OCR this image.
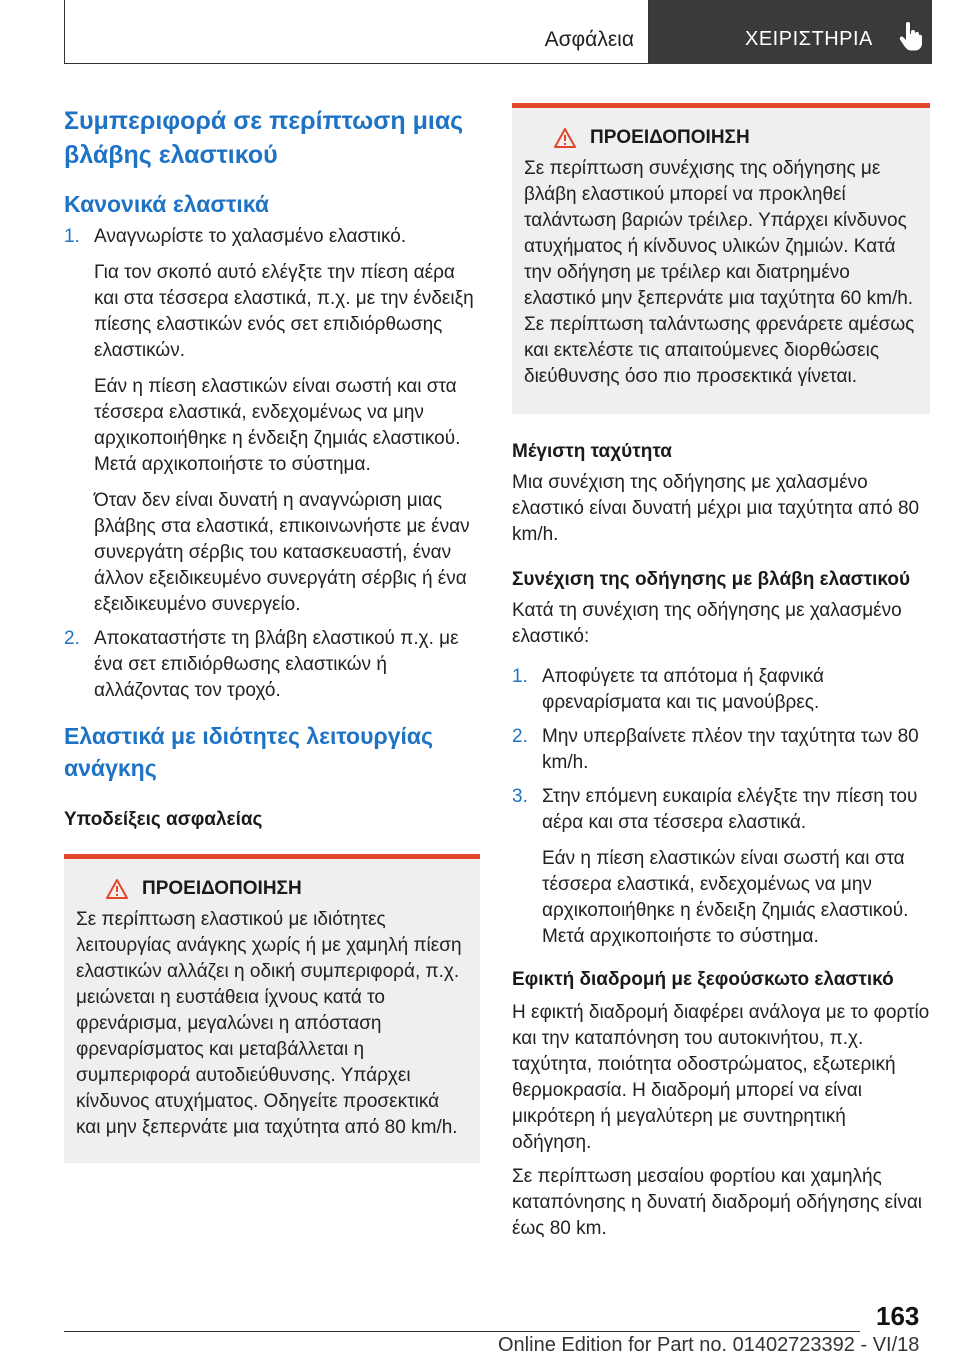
Ασφάλεια	ΧΕΙΡΙΣΤΗΡΙΑ
Συμπεριφορά σε περίπτωση μιας βλάβης ελαστικού
Κανονικά ελαστικά
1. Αναγνωρίστε το χαλασμένο ελαστικό.

Για τον σκοπό αυτό ελέγξτε την πίεση αέρα και στα τέσσερα ελαστικά, π.χ. με την ένδειξη πίεσης ελαστικών ενός σετ επιδιόρθωσης ελαστικών.

Εάν η πίεση ελαστικών είναι σωστή και στα τέσσερα ελαστικά, ενδεχομένως να μην αρχικοποιήθηκε η ένδειξη ζημιάς ελαστικού. Μετά αρχικοποιήστε το σύστημα.

Όταν δεν είναι δυνατή η αναγνώριση μιας βλάβης στα ελαστικά, επικοινωνήστε με έναν συνεργάτη σέρβις του κατασκευαστή, έναν άλλον εξειδικευμένο συνεργάτη σέρβις ή ένα εξειδικευμένο συνεργείο.

2. Αποκαταστήστε τη βλάβη ελαστικού π.χ. με ένα σετ επιδιόρθωσης ελαστικών ή αλλάζοντας τον τροχό.
Ελαστικά με ιδιότητες λειτουργίας ανάγκης
Υποδείξεις ασφαλείας
ΠΡΟΕΙΔΟΠΟΙΗΣΗ

Σε περίπτωση ελαστικού με ιδιότητες λειτουργίας ανάγκης χωρίς ή με χαμηλή πίεση ελαστικών αλλάζει η οδική συμπεριφορά, π.χ. μειώνεται η ευστάθεια ίχνους κατά το φρενάρισμα, μεγαλώνει η απόσταση φρεναρίσματος και μεταβάλλεται η συμπεριφορά αυτοδιεύθυνσης. Υπάρχει κίνδυνος ατυχήματος. Οδηγείτε προσεκτικά και μην ξεπερνάτε μια ταχύτητα από 80 km/h.

ΠΡΟΕΙΔΟΠΟΙΗΣΗ

Σε περίπτωση συνέχισης της οδήγησης με βλάβη ελαστικού μπορεί να προκληθεί ταλάντωση βαριών τρέιλερ. Υπάρχει κίνδυνος ατυχήματος ή κίνδυνος υλικών ζημιών. Κατά την οδήγηση με τρέιλερ και διατρημένο ελαστικό μην ξεπερνάτε μια ταχύτητα 60 km/h. Σε περίπτωση ταλάντωσης φρενάρετε αμέσως και εκτελέστε τις απαιτούμενες διορθώσεις διεύθυνσης όσο πιο προσεκτικά γίνεται.

Μέγιστη ταχύτητα

Μια συνέχιση της οδήγησης με χαλασμένο ελαστικό είναι δυνατή μέχρι μια ταχύτητα από 80 km/h.

Συνέχιση της οδήγησης με βλάβη ελαστικού

Κατά τη συνέχιση της οδήγησης με χαλασμένο ελαστικό:

1. Αποφύγετε τα απότομα ή ξαφνικά φρεναρίσματα και τις μανούβρες.
2. Μην υπερβαίνετε πλέον την ταχύτητα των 80 km/h.
3. Στην επόμενη ευκαιρία ελέγξτε την πίεση του αέρα και στα τέσσερα ελαστικά.

Εάν η πίεση ελαστικών είναι σωστή και στα τέσσερα ελαστικά, ενδεχομένως να μην αρχικοποιήθηκε η ένδειξη ζημιάς ελαστικού. Μετά αρχικοποιήστε το σύστημα.

Εφικτή διαδρομή με ξεφούσκωτο ελαστικό

Η εφικτή διαδρομή διαφέρει ανάλογα με το φορτίο και την καταπόνηση του αυτοκινήτου, π.χ. ταχύτητα, ποιότητα οδοστρώματος, εξωτερική θερμοκρασία. Η διαδρομή μπορεί να είναι μικρότερη ή μεγαλύτερη με συντηρητική οδήγηση.

Σε περίπτωση μεσαίου φορτίου και χαμηλής καταπόνησης η δυνατή διαδρομή οδήγησης είναι έως 80 km.

163
Online Edition for Part no. 01402723392 - VI/18
